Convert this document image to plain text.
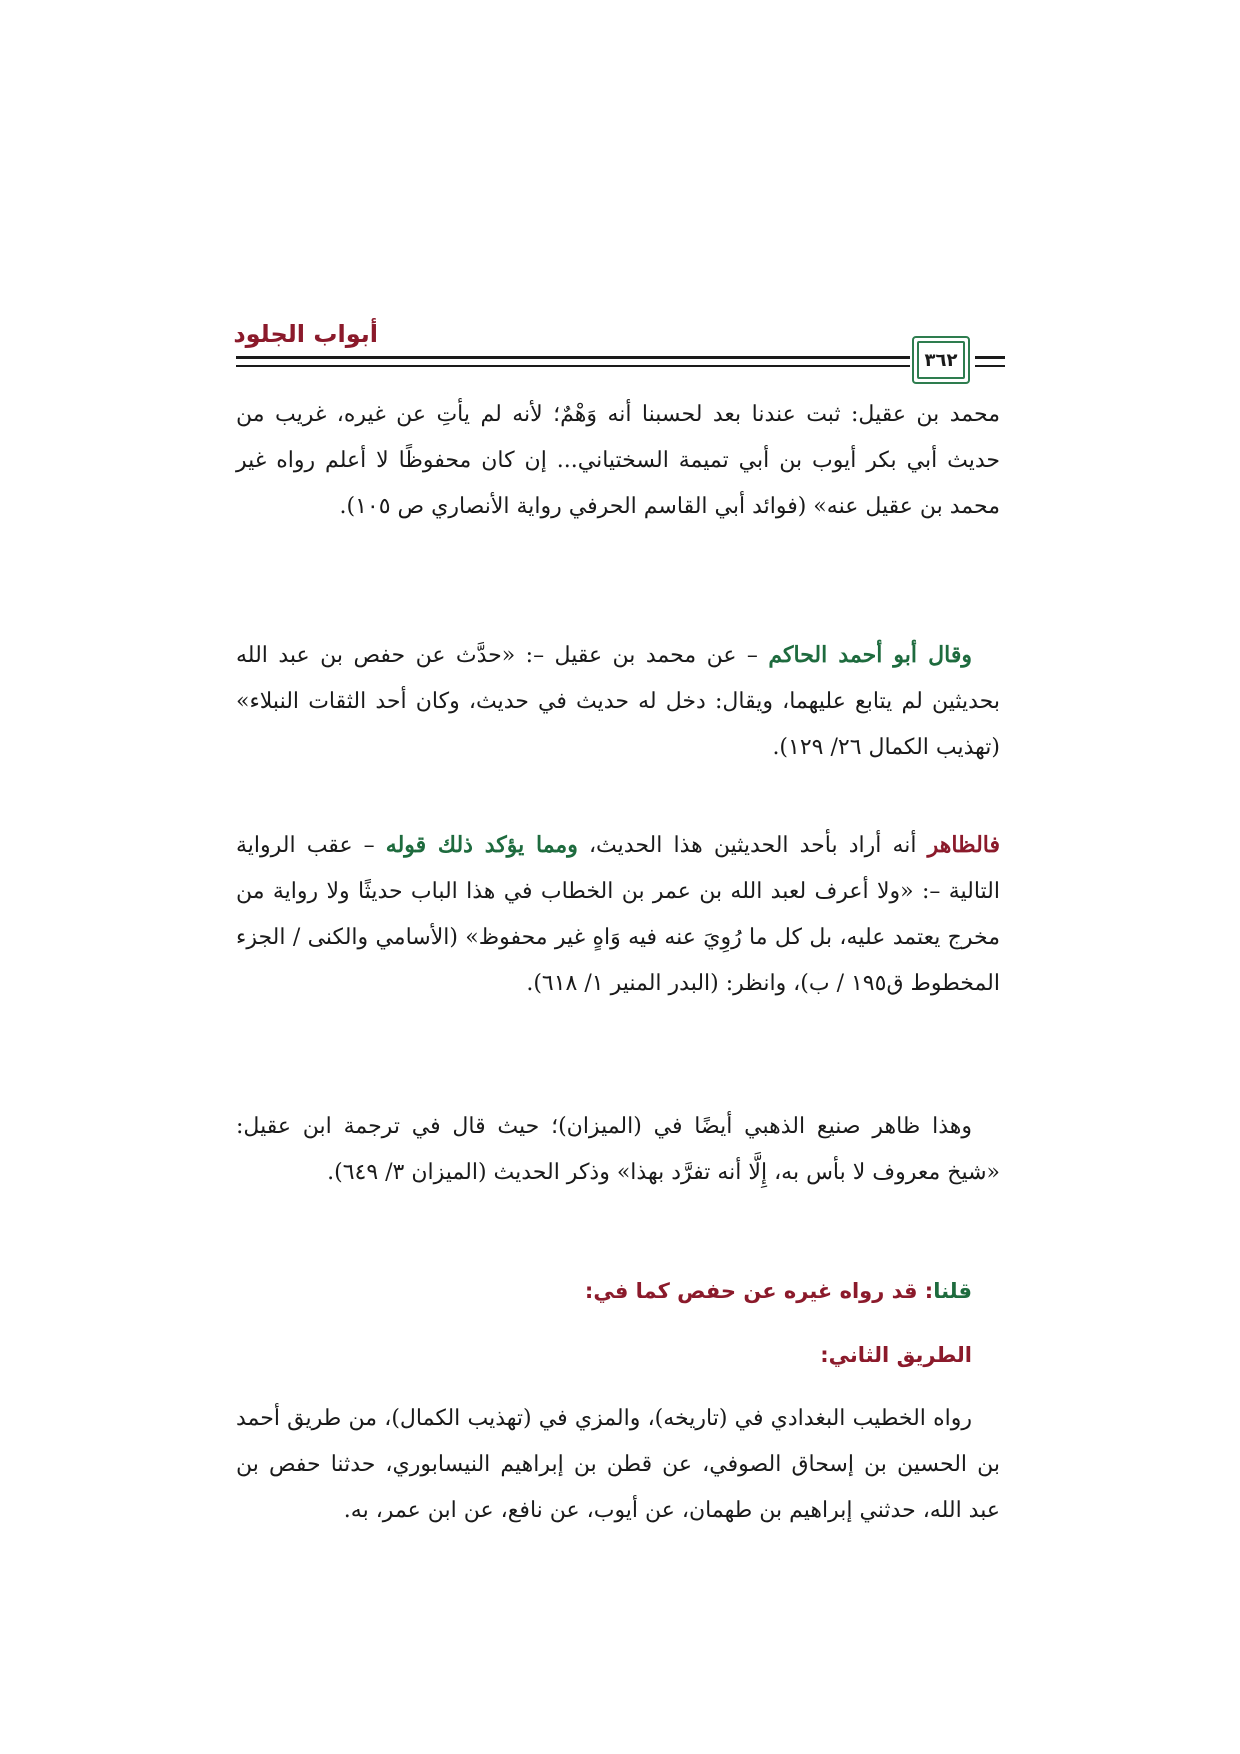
أبواب الجلود
٣٦٢

محمد بن عقيل: ثبت عندنا بعد لحسبنا أنه وَهْمٌ؛ لأنه لم يأتِ عن غيره، غريب من حديث أبي بكر أيوب بن أبي تميمة السختياني... إن كان محفوظًا لا أعلم رواه غير محمد بن عقيل عنه» (فوائد أبي القاسم الحرفي رواية الأنصاري ص ١٠٥).

وقال أبو أحمد الحاكم – عن محمد بن عقيل –: «حدَّث عن حفص بن عبد الله بحديثين لم يتابع عليهما، ويقال: دخل له حديث في حديث، وكان أحد الثقات النبلاء» (تهذيب الكمال ٢٦/ ١٢٩).

فالظاهر أنه أراد بأحد الحديثين هذا الحديث، ومما يؤكد ذلك قوله – عقب الرواية التالية –: «ولا أعرف لعبد الله بن عمر بن الخطاب في هذا الباب حديثًا ولا رواية من مخرج يعتمد عليه، بل كل ما رُوِيَ عنه فيه وَاهٍ غير محفوظ» (الأسامي والكنى / الجزء المخطوط ق١٩٥ / ب)، وانظر: (البدر المنير ١/ ٦١٨).

وهذا ظاهر صنيع الذهبي أيضًا في (الميزان)؛ حيث قال في ترجمة ابن عقيل: «شيخ معروف لا بأس به، إِلَّا أنه تفرَّد بهذا» وذكر الحديث (الميزان ٣/ ٦٤٩).

قلنا: قد رواه غيره عن حفص كما في:

الطريق الثاني:

رواه الخطيب البغدادي في (تاريخه)، والمزي في (تهذيب الكمال)، من طريق أحمد بن الحسين بن إسحاق الصوفي، عن قطن بن إبراهيم النيسابوري، حدثنا حفص بن عبد الله، حدثني إبراهيم بن طهمان، عن أيوب، عن نافع، عن ابن عمر، به.
